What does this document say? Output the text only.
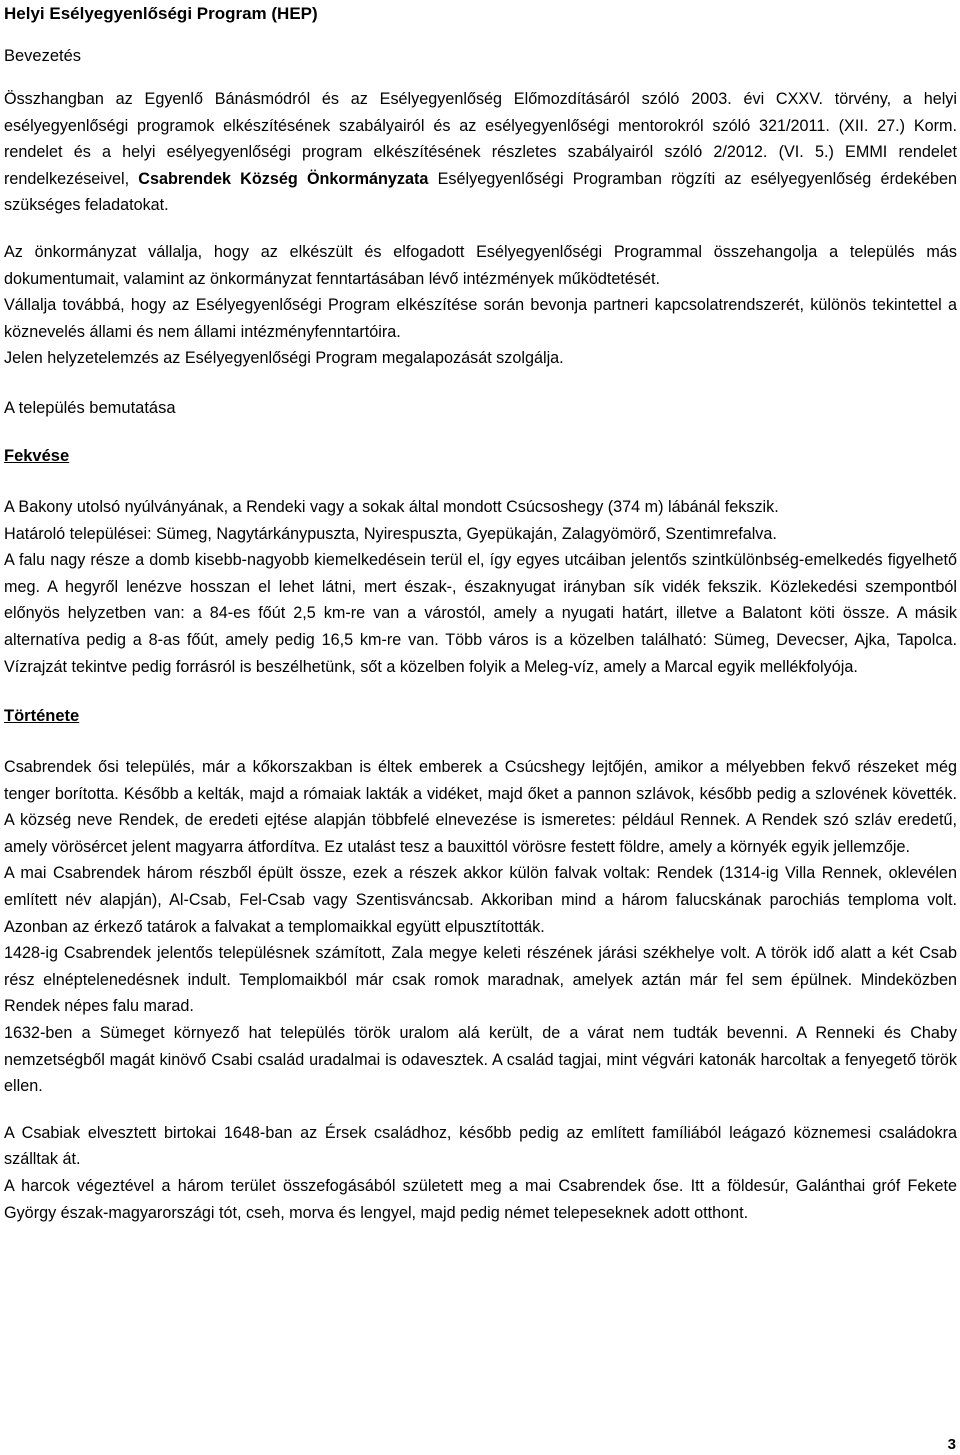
Helyi Esélyegyenlőségi Program (HEP)
Bevezetés

Összhangban az Egyenlő Bánásmódról és az Esélyegyenlőség Előmozdításáról szóló 2003. évi CXXV. törvény, a helyi esélyegyenlőségi programok elkészítésének szabályairól és az esélyegyenlőségi mentorokról szóló 321/2011. (XII. 27.) Korm. rendelet és a helyi esélyegyenlőségi program elkészítésének részletes szabályairól szóló 2/2012. (VI. 5.) EMMI rendelet rendelkezéseivel, Csabrendek Község Önkormányzata Esélyegyenlőségi Programban rögzíti az esélyegyenlőség érdekében szükséges feladatokat.

Az önkormányzat vállalja, hogy az elkészült és elfogadott Esélyegyenlőségi Programmal összehangolja a település más dokumentumait, valamint az önkormányzat fenntartásában lévő intézmények működtetését.

Vállalja továbbá, hogy az Esélyegyenlőségi Program elkészítése során bevonja partneri kapcsolatrendszerét, különös tekintettel a köznevelés állami és nem állami intézményfenntartóira.

Jelen helyzetelemzés az Esélyegyenlőségi Program megalapozását szolgálja.

A település bemutatása
Fekvése

A Bakony utolsó nyúlványának, a Rendeki vagy a sokak által mondott Csúcsoshegy (374 m) lábánál fekszik.

Határoló települései: Sümeg, Nagytárkánypuszta, Nyirespuszta, Gyepükaján, Zalagyömörő, Szentimrefalva.

A falu nagy része a domb kisebb-nagyobb kiemelkedésein terül el, így egyes utcáiban jelentős szintkülönbség-emelkedés figyelhető meg. A hegyről lenézve hosszan el lehet látni, mert észak-, északnyugat irányban sík vidék fekszik. Közlekedési szempontból előnyös helyzetben van: a 84-es főút 2,5 km-re van a várostól, amely a nyugati határt, illetve a Balatont köti össze. A másik alternatíva pedig a 8-as főút, amely pedig 16,5 km-re van. Több város is a közelben található: Sümeg, Devecser, Ajka, Tapolca. Vízrajzát tekintve pedig forrásról is beszélhetünk, sőt a közelben folyik a Meleg-víz, amely a Marcal egyik mellékfolyója.

Története

Csabrendek ősi település, már a kőkorszakban is éltek emberek a Csúcshegy lejtőjén, amikor a mélyebben fekvő részeket még tenger borította. Később a kelták, majd a rómaiak lakták a vidéket, majd őket a pannon szlávok, később pedig a szlovének követték. A község neve Rendek, de eredeti ejtése alapján többfelé elnevezése is ismeretes: például Rennek. A Rendek szó szláv eredetű, amely vörösércet jelent magyarra átfordítva. Ez utalást tesz a bauxittól vörösre festett földre, amely a környék egyik jellemzője.

A mai Csabrendek három részből épült össze, ezek a részek akkor külön falvak voltak: Rendek (1314-ig Villa Rennek, oklevélen említett név alapján), Al-Csab, Fel-Csab vagy Szentisváncsab. Akkoriban mind a három falucskának parochiás temploma volt. Azonban az érkező tatárok a falvakat a templomaikkal együtt elpusztították.

1428-ig Csabrendek jelentős településnek számított, Zala megye keleti részének járási székhelye volt. A török idő alatt a két Csab rész elnéptelenedésnek indult. Templomaikból már csak romok maradnak, amelyek aztán már fel sem épülnek. Mindeközben Rendek népes falu marad.

1632-ben a Sümeget környező hat település török uralom alá került, de a várat nem tudták bevenni. A Renneki és Chaby nemzetségből magát kinövő Csabi család uradalmai is odavesztek. A család tagjai, mint végvári katonák harcoltak a fenyegető török ellen.

A Csabiak elvesztett birtokai 1648-ban az Érsek családhoz, később pedig az említett famíliából leágazó köznemesi családokra szálltak át.

A harcok végeztével a három terület összefogásából született meg a mai Csabrendek őse. Itt a földesúr, Galánthai gróf Fekete György észak-magyarországi tót, cseh, morva és lengyel, majd pedig német telepeseknek adott otthont.

3
